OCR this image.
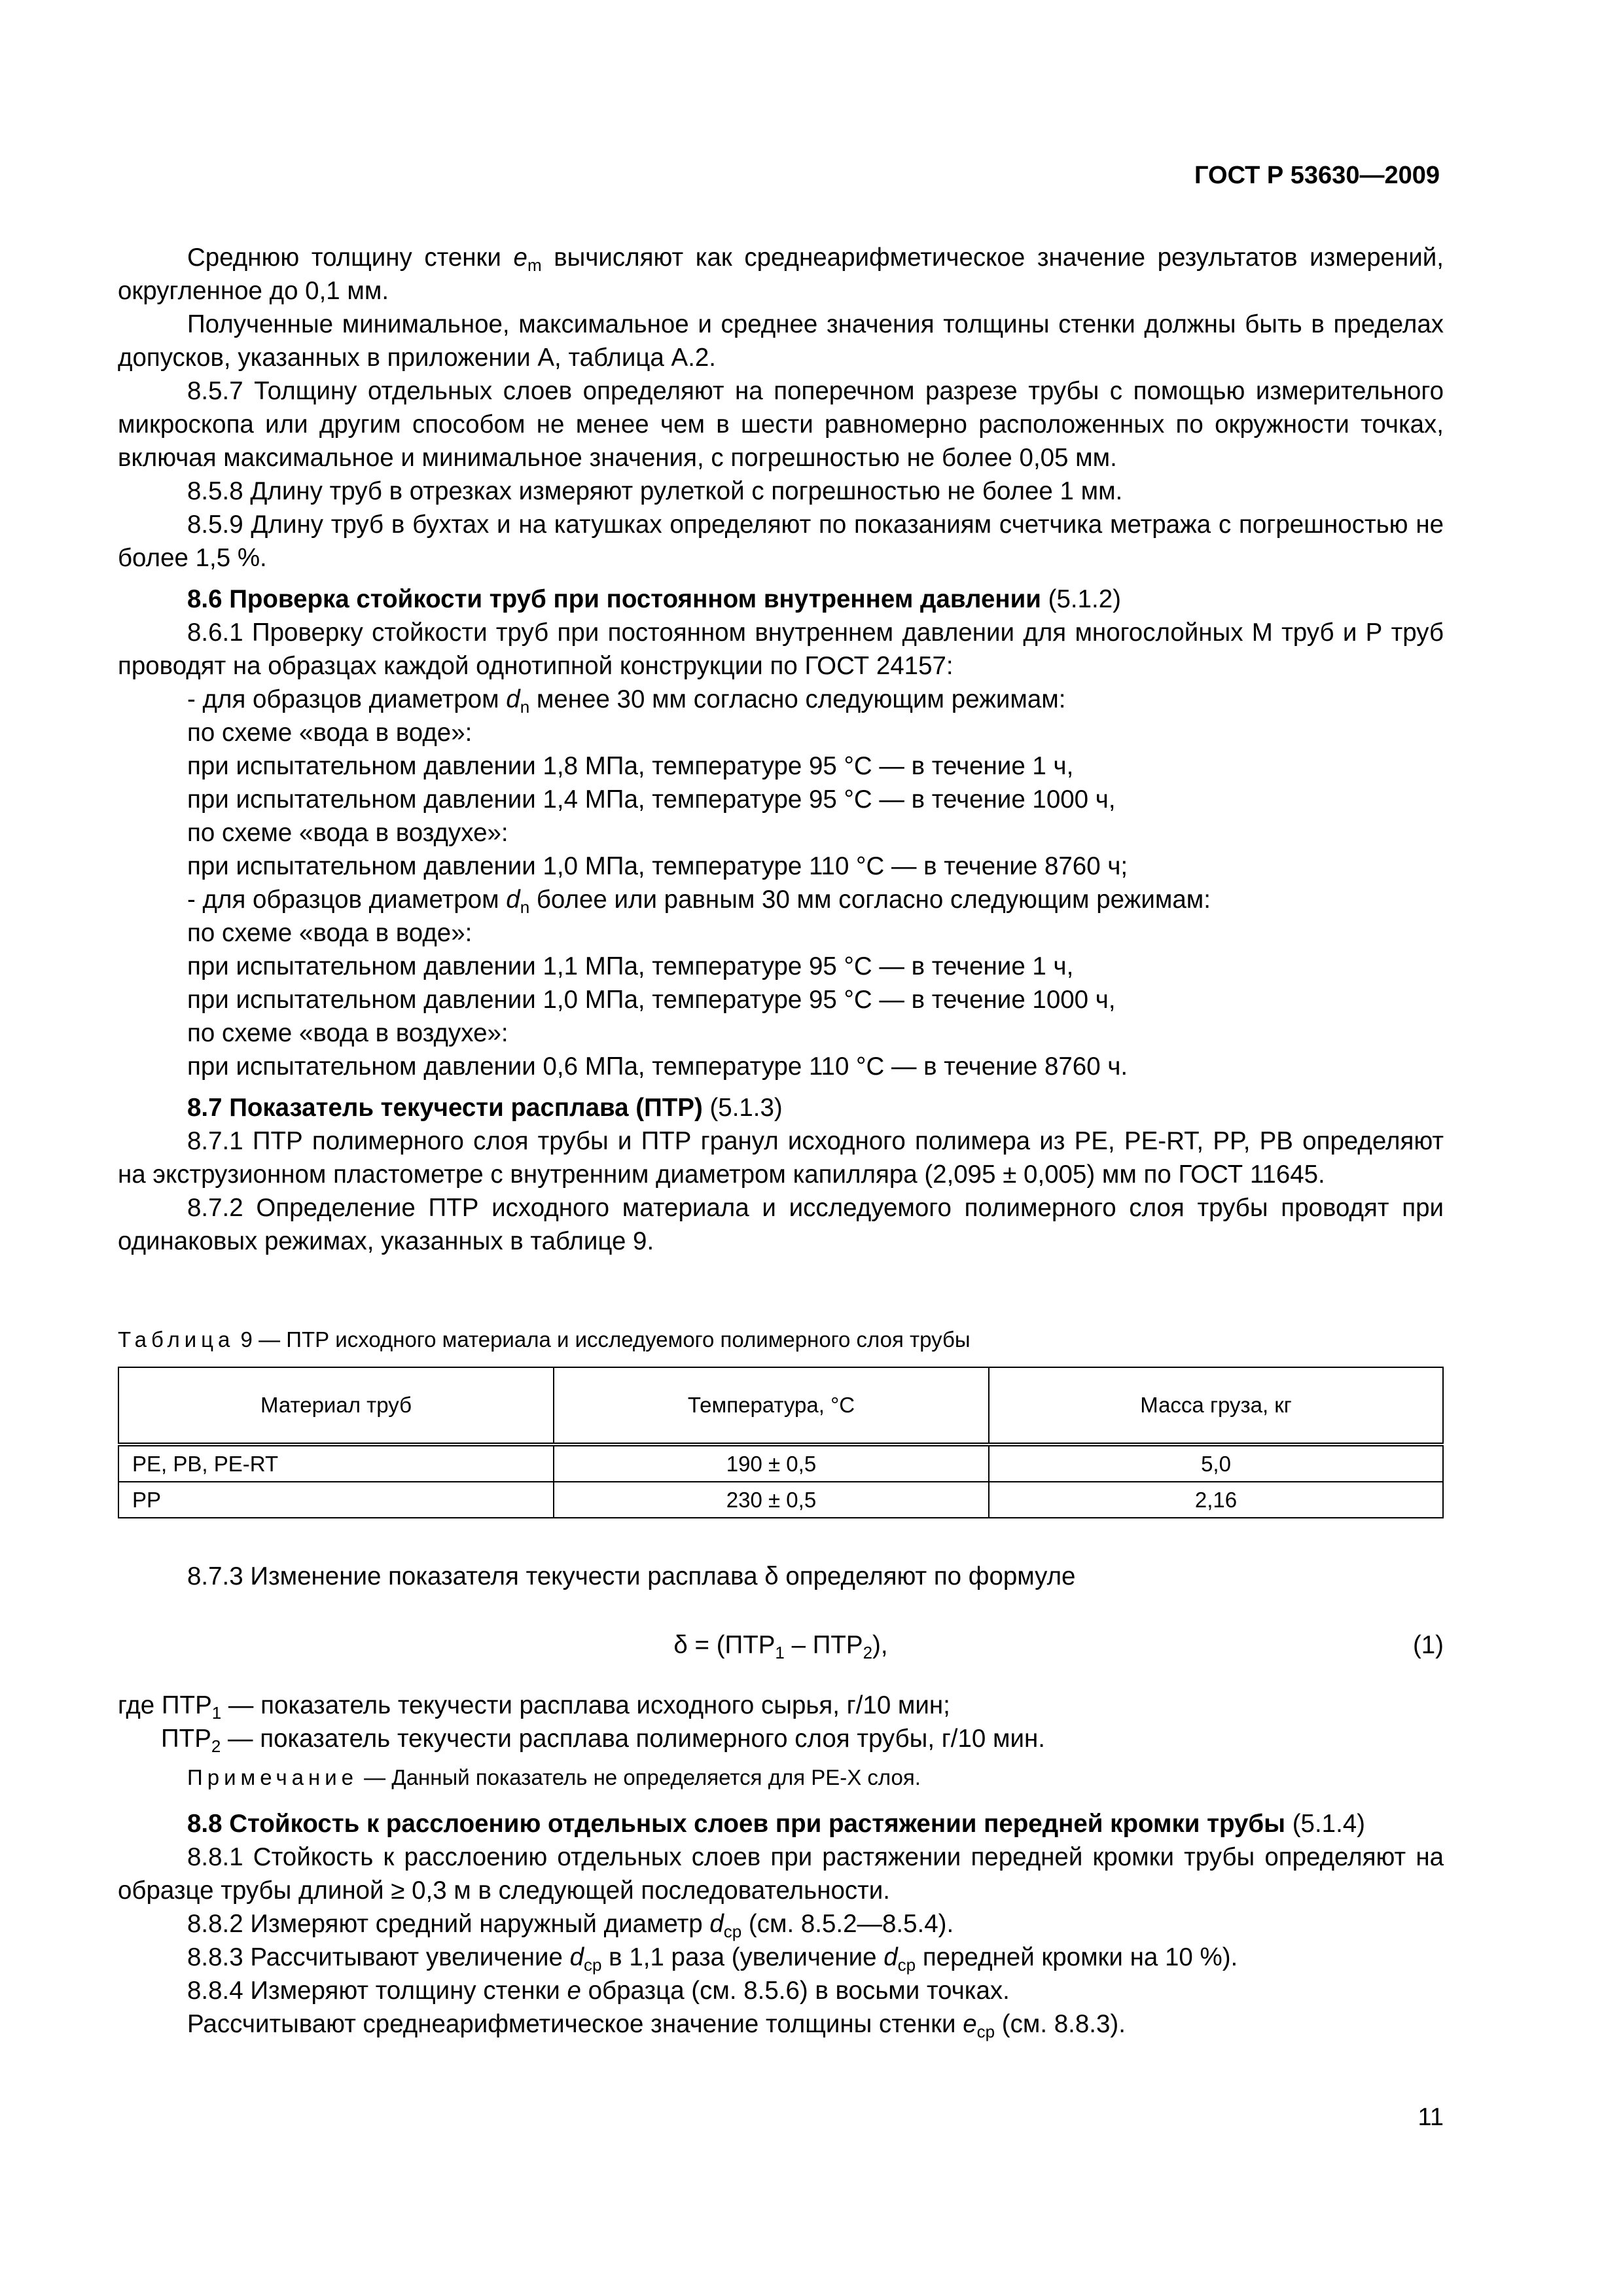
ГОСТ Р 53630—2009

Среднюю толщину стенки $e_m$ вычисляют как среднеарифметическое значение результатов измерений, округленное до 0,1 мм.

Полученные минимальное, максимальное и среднее значения толщины стенки должны быть в пределах допусков, указанных в приложении А, таблица А.2.

8.5.7 Толщину отдельных слоев определяют на поперечном разрезе трубы с помощью измерительного микроскопа или другим способом не менее чем в шести равномерно расположенных по окружности точках, включая максимальное и минимальное значения, с погрешностью не более 0,05 мм.

8.5.8 Длину труб в отрезках измеряют рулеткой с погрешностью не более 1 мм.

8.5.9 Длину труб в бухтах и на катушках определяют по показаниям счетчика метража с погрешностью не более 1,5 %.

8.6 Проверка стойкости труб при постоянном внутреннем давлении (5.1.2)

8.6.1 Проверку стойкости труб при постоянном внутреннем давлении для многослойных М труб и Р труб проводят на образцах каждой однотипной конструкции по ГОСТ 24157:

- для образцов диаметром $d_n$ менее 30 мм согласно следующим режимам:

по схеме «вода в воде»:

при испытательном давлении 1,8 МПа, температуре 95 °С — в течение 1 ч,

при испытательном давлении 1,4 МПа, температуре 95 °С — в течение 1000 ч,

по схеме «вода в воздухе»:

при испытательном давлении 1,0 МПа, температуре 110 °С — в течение 8760 ч;

- для образцов диаметром $d_n$ более или равным 30 мм согласно следующим режимам:

по схеме «вода в воде»:

при испытательном давлении 1,1 МПа, температуре 95 °С — в течение 1 ч,

при испытательном давлении 1,0 МПа, температуре 95 °С — в течение 1000 ч,

по схеме «вода в воздухе»:

при испытательном давлении 0,6 МПа, температуре 110 °С — в течение 8760 ч.

8.7 Показатель текучести расплава (ПТР) (5.1.3)

8.7.1 ПТР полимерного слоя трубы и ПТР гранул исходного полимера из РЕ, PE-RT, PP, PB определяют на экструзионном пластометре с внутренним диаметром капилляра (2,095 ± 0,005) мм по ГОСТ 11645.

8.7.2 Определение ПТР исходного материала и исследуемого полимерного слоя трубы проводят при одинаковых режимах, указанных в таблице 9.

Таблица 9 — ПТР исходного материала и исследуемого полимерного слоя трубы
Материал труб	Температура, °С	Масса груза, кг
PE, PB, PE-RT	190 ± 0,5	5,0
PP	230 ± 0,5	2,16

8.7.3 Изменение показателя текучести расплава δ определяют по формуле

$\delta = (ПТР_1 - ПТР_2)$,	(1)

где $ПТР_1$ — показатель текучести расплава исходного сырья, г/10 мин;

$ПТР_2$ — показатель текучести расплава полимерного слоя трубы, г/10 мин.

Примечание — Данный показатель не определяется для PE-X слоя.

8.8 Стойкость к расслоению отдельных слоев при растяжении передней кромки трубы (5.1.4)

8.8.1 Стойкость к расслоению отдельных слоев при растяжении передней кромки трубы определяют на образце трубы длиной ≥ 0,3 м в следующей последовательности.

8.8.2 Измеряют средний наружный диаметр $d_{ср}$ (см. 8.5.2—8.5.4).

8.8.3 Рассчитывают увеличение $d_{ср}$ в 1,1 раза (увеличение $d_{ср}$ передней кромки на 10 %).

8.8.4 Измеряют толщину стенки e образца (см. 8.5.6) в восьми точках.

Рассчитывают среднеарифметическое значение толщины стенки $e_{ср}$ (см. 8.8.3).

11
